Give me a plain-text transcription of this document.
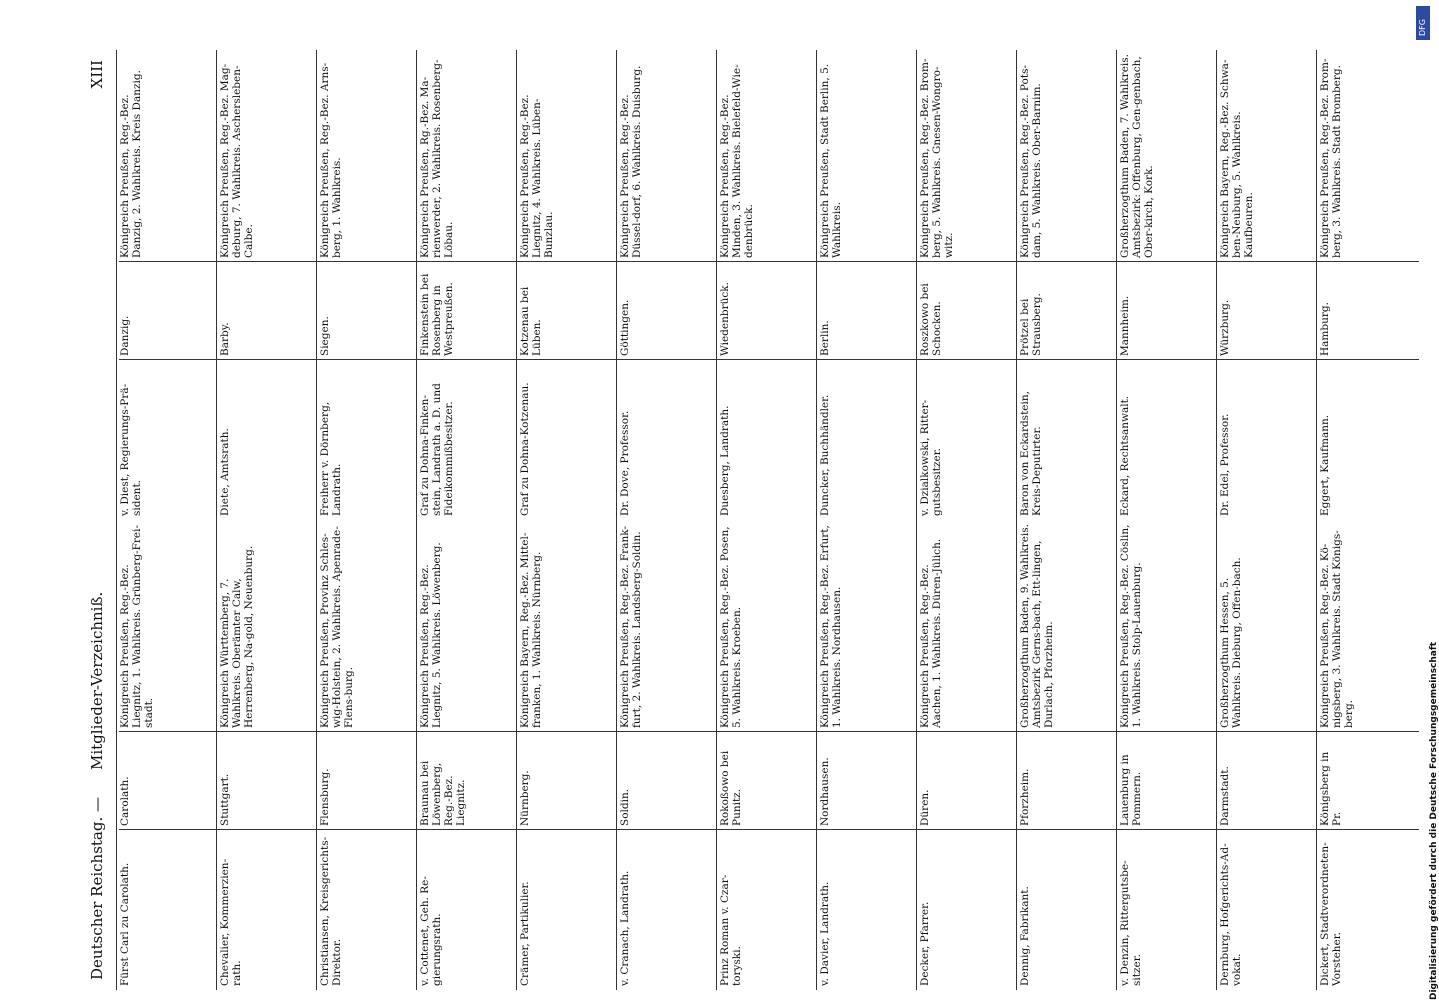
Deutscher Reichstag. —
Mitglieder-Verzeichniß.
XIII
Fürst Carl zu Carolath.
Carolath.
Königreich Preußen, Reg.-Bez. Liegnitz, 1. Wahlkreis. Grünberg-Frei-stadt.
Chevalier, Kommerzien-rath.
Stuttgart.
Königreich Württemberg, 7. Wahlkreis. Oberämter Calw, Herrenberg, Na-gold, Neuenburg.
Christiansen, Kreisgerichts-Direktor.
Flensburg.
Königreich Preußen, Provinz Schles-wig-Holstein, 2. Wahlkreis. Apenrade-Flens-burg.
v. Cottenet, Geh. Re-gierungsrath.
Braunau bei Löwenberg, Reg.-Bez. Liegnitz.
Königreich Preußen, Reg.-Bez. Liegnitz, 5. Wahlkreis. Löwenberg.
Crämer, Partikulier.
Nürnberg.
Königreich Bayern, Reg.-Bez. Mittel-franken, 1. Wahlkreis. Nürnberg.
v. Cranach, Landrath.
Soldin.
Königreich Preußen, Reg.-Bez. Frank-furt, 2. Wahlkreis. Landsberg-Soldin.
Prinz Roman v. Czar-toryski.
Rokoßowo bei Punitz.
Königreich Preußen, Reg.-Bez. Posen, 5. Wahlkreis. Kroeben.
v. Davier, Landrath.
Nordhausen.
Königreich Preußen, Reg.-Bez. Erfurt, 1. Wahlkreis. Nordhausen.
Decker, Pfarrer.
Düren.
Königreich Preußen, Reg.-Bez. Aachen, 1. Wahlkreis. Düren-Jülich.
Dennig, Fabrikant.
Pforzheim.
Großherzogthum Baden, 9. Wahlkreis. Amtsbezirk Gerns-bach, Ett-lingen, Durlach, Pforzheim.
v. Denzin, Rittergutsbe-sitzer.
Lauenburg in Pommern.
Königreich Preußen, Reg.-Bez. Cöslin, 1. Wahlkreis. Stolp-Lauenburg.
Dernburg, Hofgerichts-Ad-vokat.
Darmstadt.
Großherzogthum Hessen, 5. Wahlkreis. Dieburg, Offen-bach.
Dickert, Stadtverordneten-Vorsteher.
Königsberg in Pr.
Königreich Preußen, Reg.-Bez. Kö-nigsberg, 3. Wahlkreis. Stadt Königs-berg.
v. Diest, Regierungs-Prä-sident.
Danzig.
Königreich Preußen, Reg.-Bez. Danzig, 2. Wahlkreis. Kreis Danzig.
Diete, Amtsrath.
Barby.
Königreich Preußen, Reg.-Bez. Mag-deburg, 7. Wahlkreis. Aschersleben-Calbe.
Freiherr v. Dörnberg, Landrath.
Siegen.
Königreich Preußen, Reg.-Bez. Arns-berg, 1. Wahlkreis.
Graf zu Dohna-Finken-stein, Landrath a. D. und Fideikommißbesitzer.
Finkenstein bei Rosenberg in Westpreußen.
Königreich Preußen, Rg.-Bez. Ma-rienwerder, 2. Wahlkreis. Rosenberg-Löbau.
Graf zu Dohna-Kotzenau.
Kotzenau bei Lüben.
Königreich Preußen, Reg.-Bez. Liegnitz, 4. Wahlkreis. Lüben-Bunzlau.
Dr. Dove, Professor.
Göttingen.
Königreich Preußen, Reg.-Bez. Düssel-dorf, 6. Wahlkreis. Duisburg.
Duesberg, Landrath.
Wiedenbrück.
Königreich Preußen, Reg.-Bez. Minden, 3. Wahlkreis. Bielefeld-Wie-denbrück.
Duncker, Buchhändler.
Berlin.
Königreich Preußen, Stadt Berlin, 5. Wahlkreis.
v. Dzialkowski, Ritter-gutsbesitzer.
Roszkowo bei Schocken.
Königreich Preußen, Reg.-Bez. Brom-berg, 5. Wahlkreis. Gnesen-Wongro-witz.
Baron von Eckardstein, Kreis-Deputirter.
Prötzel bei Strausberg.
Königreich Preußen, Reg.-Bez. Pots-dam, 5. Wahlkreis. Ober-Barnim.
Eckard, Rechtsanwalt.
Mannheim.
Großherzogthum Baden, 7. Wahlkreis. Amtsbezirk: Offenburg, Gen-genbach, Ober-kirch, Kork.
Dr. Edel, Professor.
Würzburg.
Königreich Bayern, Reg.-Bez. Schwa-ben-Neuburg, 5. Wahlkreis. Kaufbeuren.
Eggert, Kaufmann.
Hamburg.
Königreich Preußen, Reg.-Bez. Brom-berg, 3. Wahlkreis. Stadt Bromberg.
DFG
Digitalisierung gefördert durch die Deutsche Forschungsgemeinschaft
